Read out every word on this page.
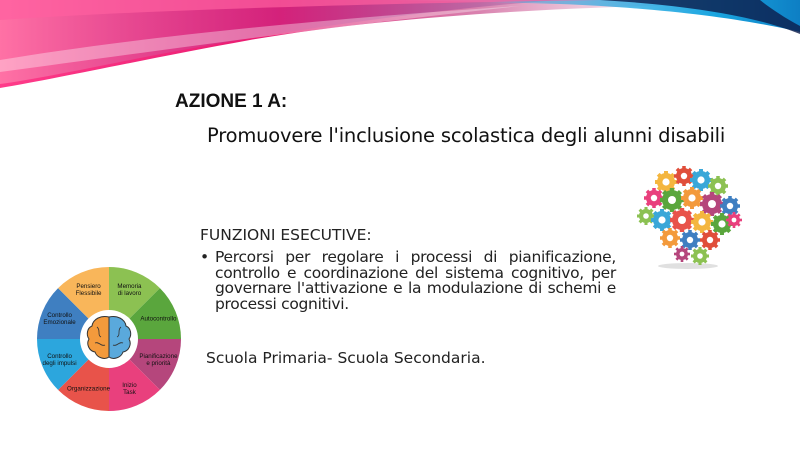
AZIONE 1 A:
Promuovere l'inclusione scolastica degli alunni disabili
Memoria di lavoro
Autocontrollo
Pianificazione e priorità
Inizio Task
Organizzazione
Controllo degli impulsi
Controllo Emozionale
Pensiero Flessibile
FUNZIONI ESECUTIVE:
• Percorsi per regolare i processi di pianificazione, controllo e coordinazione del sistema cognitivo, per governare l'attivazione e la modulazione di schemi e processi cognitivi.
Scuola Primaria- Scuola Secondaria.
